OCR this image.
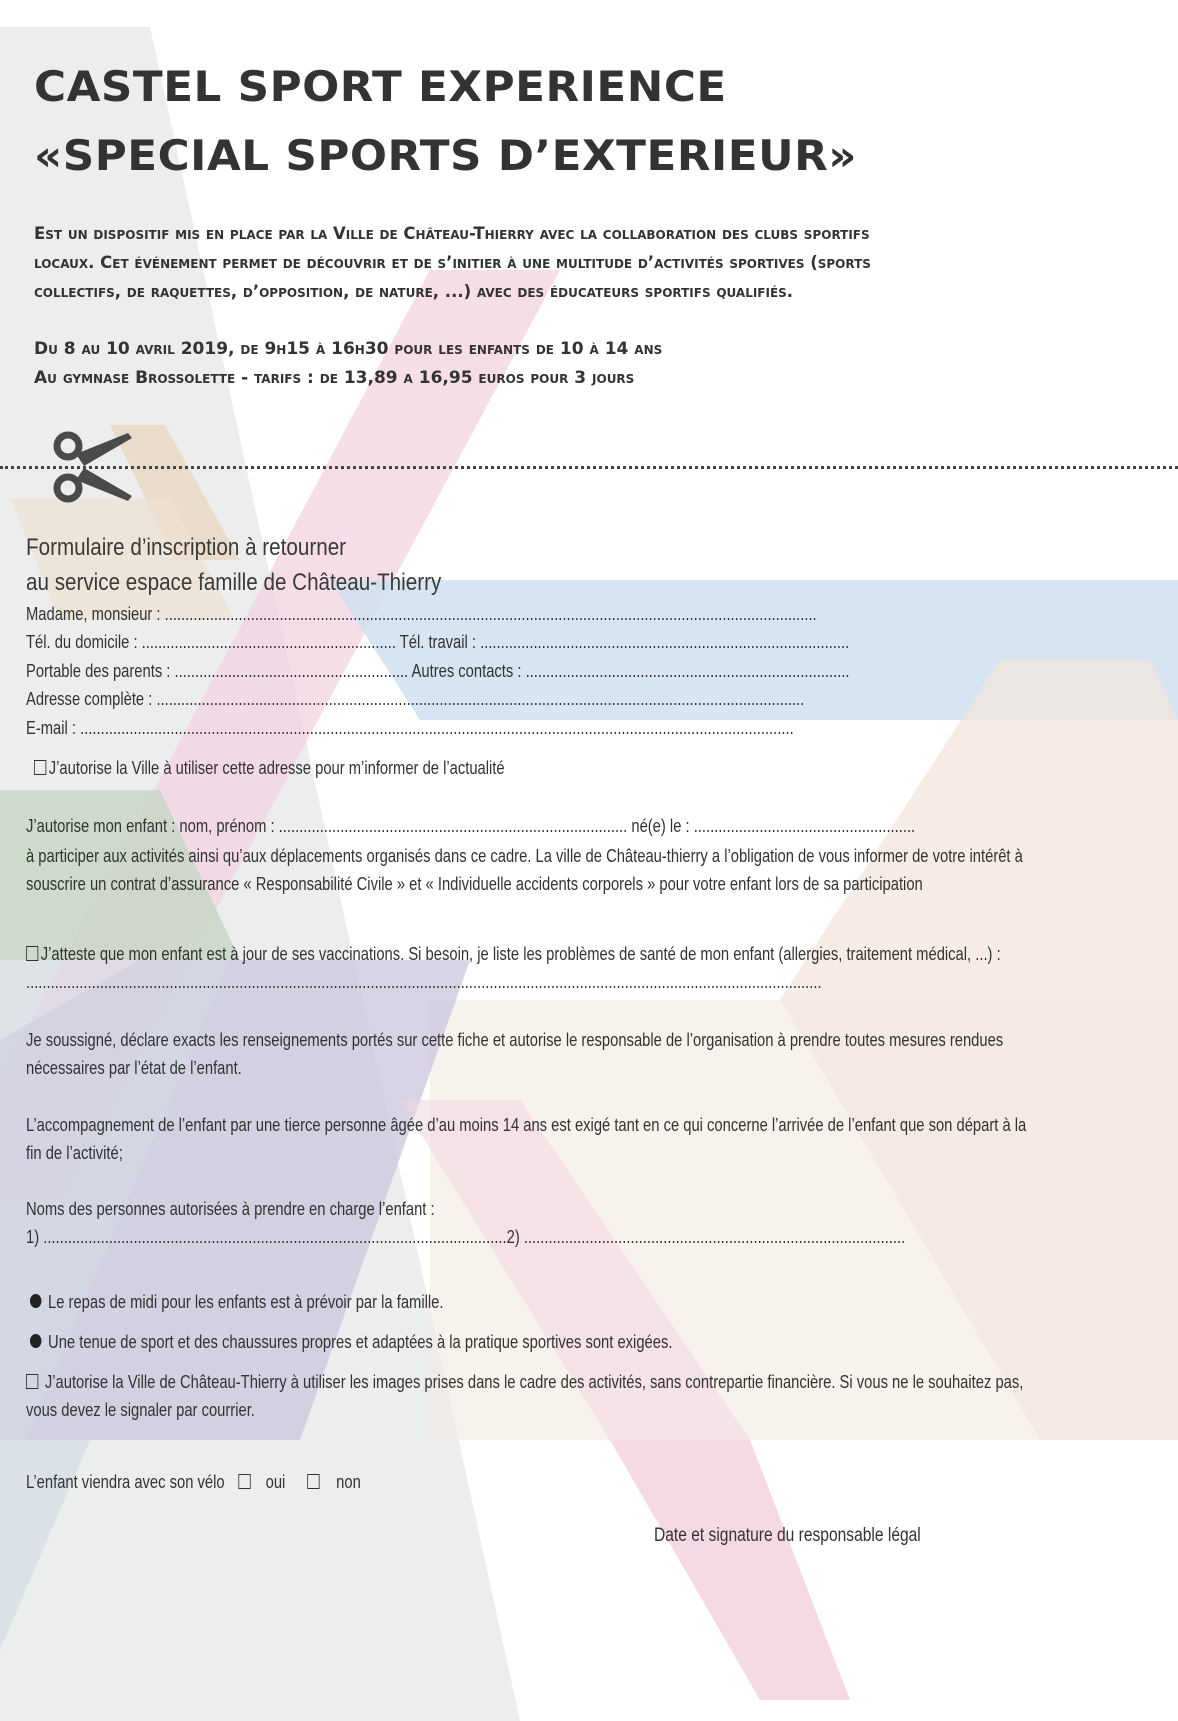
CASTEL SPORT EXPERIENCE
«SPECIAL SPORTS D’EXTERIEUR»

Est un dispositif mis en place par la Ville de Château-Thierry avec la collaboration des clubs sportifs

locaux. Cet événement permet de découvrir et de s’initier à une multitude d’activités sportives (sports

collectifs, de raquettes, d’opposition, de nature, ...) avec des éducateurs sportifs qualifiés.

Du 8 au 10 avril 2019, de 9h15 à 16h30 pour les enfants de 10 à 14 ans

Au gymnase Brossolette - tarifs : de 13,89 a 16,95 euros pour 3 jours

Formulaire d’inscription à retourner

au service espace famille de Château-Thierry

Madame, monsieur : ...............................................................................................................................................................
Tél. du domicile : .............................................................. Tél. travail : ..........................................................................................
Portable des parents : ......................................................... Autres contacts : ...............................................................................
Adresse complète : ..............................................................................................................................................................
E-mail : ..............................................................................................................................................................................
J’autorise la Ville à utiliser cette adresse pour m’informer de l’actualité
J’autorise mon enfant : nom, prénom : ..................................................................................... né(e) le : ......................................................

à participer aux activités ainsi qu’aux déplacements organisés dans ce cadre. La ville de Château-thierry a l’obligation de vous informer de votre intérêt à

souscrire un contrat d’assurance « Responsabilité Civile » et « Individuelle accidents corporels » pour votre enfant lors de sa participation

J’atteste que mon enfant est à jour de ses vaccinations. Si besoin, je liste les problèmes de santé de mon enfant (allergies, traitement médical, ...) :
..................................................................................................................................................................................................

Je soussigné, déclare exacts les renseignements portés sur cette fiche et autorise le responsable de l’organisation à prendre toutes mesures rendues

nécessaires par l’état de l’enfant.

L’accompagnement de l’enfant par une tierce personne âgée d’au moins 14 ans est exigé tant en ce qui concerne l’arrivée de l’enfant que son départ à la

fin de l’activité;

Noms des personnes autorisées à prendre en charge l’enfant :
1) .................................................................................................................2) .............................................................................................
Le repas de midi pour les enfants est à prévoir par la famille.
Une tenue de sport et des chaussures propres et adaptées à la pratique sportives sont exigées.

J’autorise la Ville de Château-Thierry à utiliser les images prises dans le cadre des activités, sans contrepartie financière. Si vous ne le souhaitez pas,

vous devez le signaler par courrier.

L’enfant viendra avec son vélo oui	non
Date et signature du responsable légal
